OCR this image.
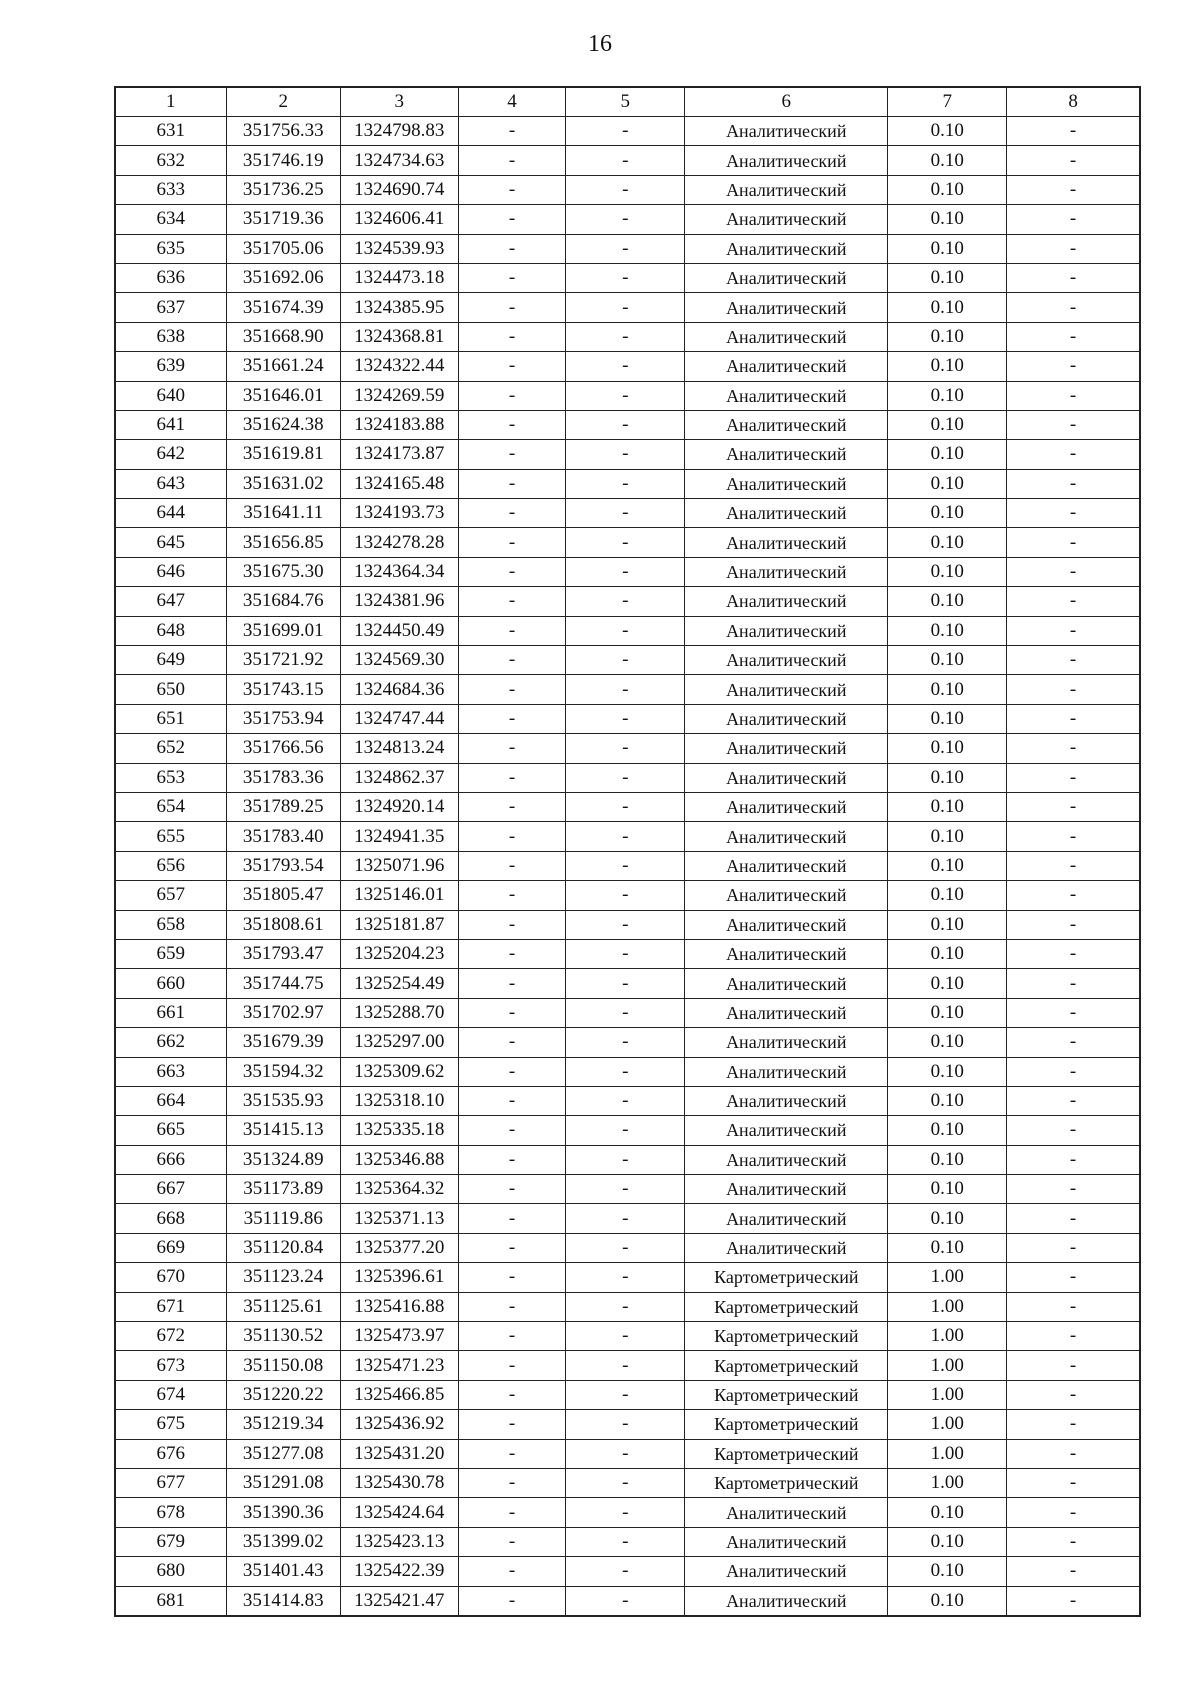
16
1	2	3	4	5	6	7	8
631	351756.33	1324798.83	-	-	Аналитический	0.10	-
632	351746.19	1324734.63	-	-	Аналитический	0.10	-
633	351736.25	1324690.74	-	-	Аналитический	0.10	-
634	351719.36	1324606.41	-	-	Аналитический	0.10	-
635	351705.06	1324539.93	-	-	Аналитический	0.10	-
636	351692.06	1324473.18	-	-	Аналитический	0.10	-
637	351674.39	1324385.95	-	-	Аналитический	0.10	-
638	351668.90	1324368.81	-	-	Аналитический	0.10	-
639	351661.24	1324322.44	-	-	Аналитический	0.10	-
640	351646.01	1324269.59	-	-	Аналитический	0.10	-
641	351624.38	1324183.88	-	-	Аналитический	0.10	-
642	351619.81	1324173.87	-	-	Аналитический	0.10	-
643	351631.02	1324165.48	-	-	Аналитический	0.10	-
644	351641.11	1324193.73	-	-	Аналитический	0.10	-
645	351656.85	1324278.28	-	-	Аналитический	0.10	-
646	351675.30	1324364.34	-	-	Аналитический	0.10	-
647	351684.76	1324381.96	-	-	Аналитический	0.10	-
648	351699.01	1324450.49	-	-	Аналитический	0.10	-
649	351721.92	1324569.30	-	-	Аналитический	0.10	-
650	351743.15	1324684.36	-	-	Аналитический	0.10	-
651	351753.94	1324747.44	-	-	Аналитический	0.10	-
652	351766.56	1324813.24	-	-	Аналитический	0.10	-
653	351783.36	1324862.37	-	-	Аналитический	0.10	-
654	351789.25	1324920.14	-	-	Аналитический	0.10	-
655	351783.40	1324941.35	-	-	Аналитический	0.10	-
656	351793.54	1325071.96	-	-	Аналитический	0.10	-
657	351805.47	1325146.01	-	-	Аналитический	0.10	-
658	351808.61	1325181.87	-	-	Аналитический	0.10	-
659	351793.47	1325204.23	-	-	Аналитический	0.10	-
660	351744.75	1325254.49	-	-	Аналитический	0.10	-
661	351702.97	1325288.70	-	-	Аналитический	0.10	-
662	351679.39	1325297.00	-	-	Аналитический	0.10	-
663	351594.32	1325309.62	-	-	Аналитический	0.10	-
664	351535.93	1325318.10	-	-	Аналитический	0.10	-
665	351415.13	1325335.18	-	-	Аналитический	0.10	-
666	351324.89	1325346.88	-	-	Аналитический	0.10	-
667	351173.89	1325364.32	-	-	Аналитический	0.10	-
668	351119.86	1325371.13	-	-	Аналитический	0.10	-
669	351120.84	1325377.20	-	-	Аналитический	0.10	-
670	351123.24	1325396.61	-	-	Картометрический	1.00	-
671	351125.61	1325416.88	-	-	Картометрический	1.00	-
672	351130.52	1325473.97	-	-	Картометрический	1.00	-
673	351150.08	1325471.23	-	-	Картометрический	1.00	-
674	351220.22	1325466.85	-	-	Картометрический	1.00	-
675	351219.34	1325436.92	-	-	Картометрический	1.00	-
676	351277.08	1325431.20	-	-	Картометрический	1.00	-
677	351291.08	1325430.78	-	-	Картометрический	1.00	-
678	351390.36	1325424.64	-	-	Аналитический	0.10	-
679	351399.02	1325423.13	-	-	Аналитический	0.10	-
680	351401.43	1325422.39	-	-	Аналитический	0.10	-
681	351414.83	1325421.47	-	-	Аналитический	0.10	-
